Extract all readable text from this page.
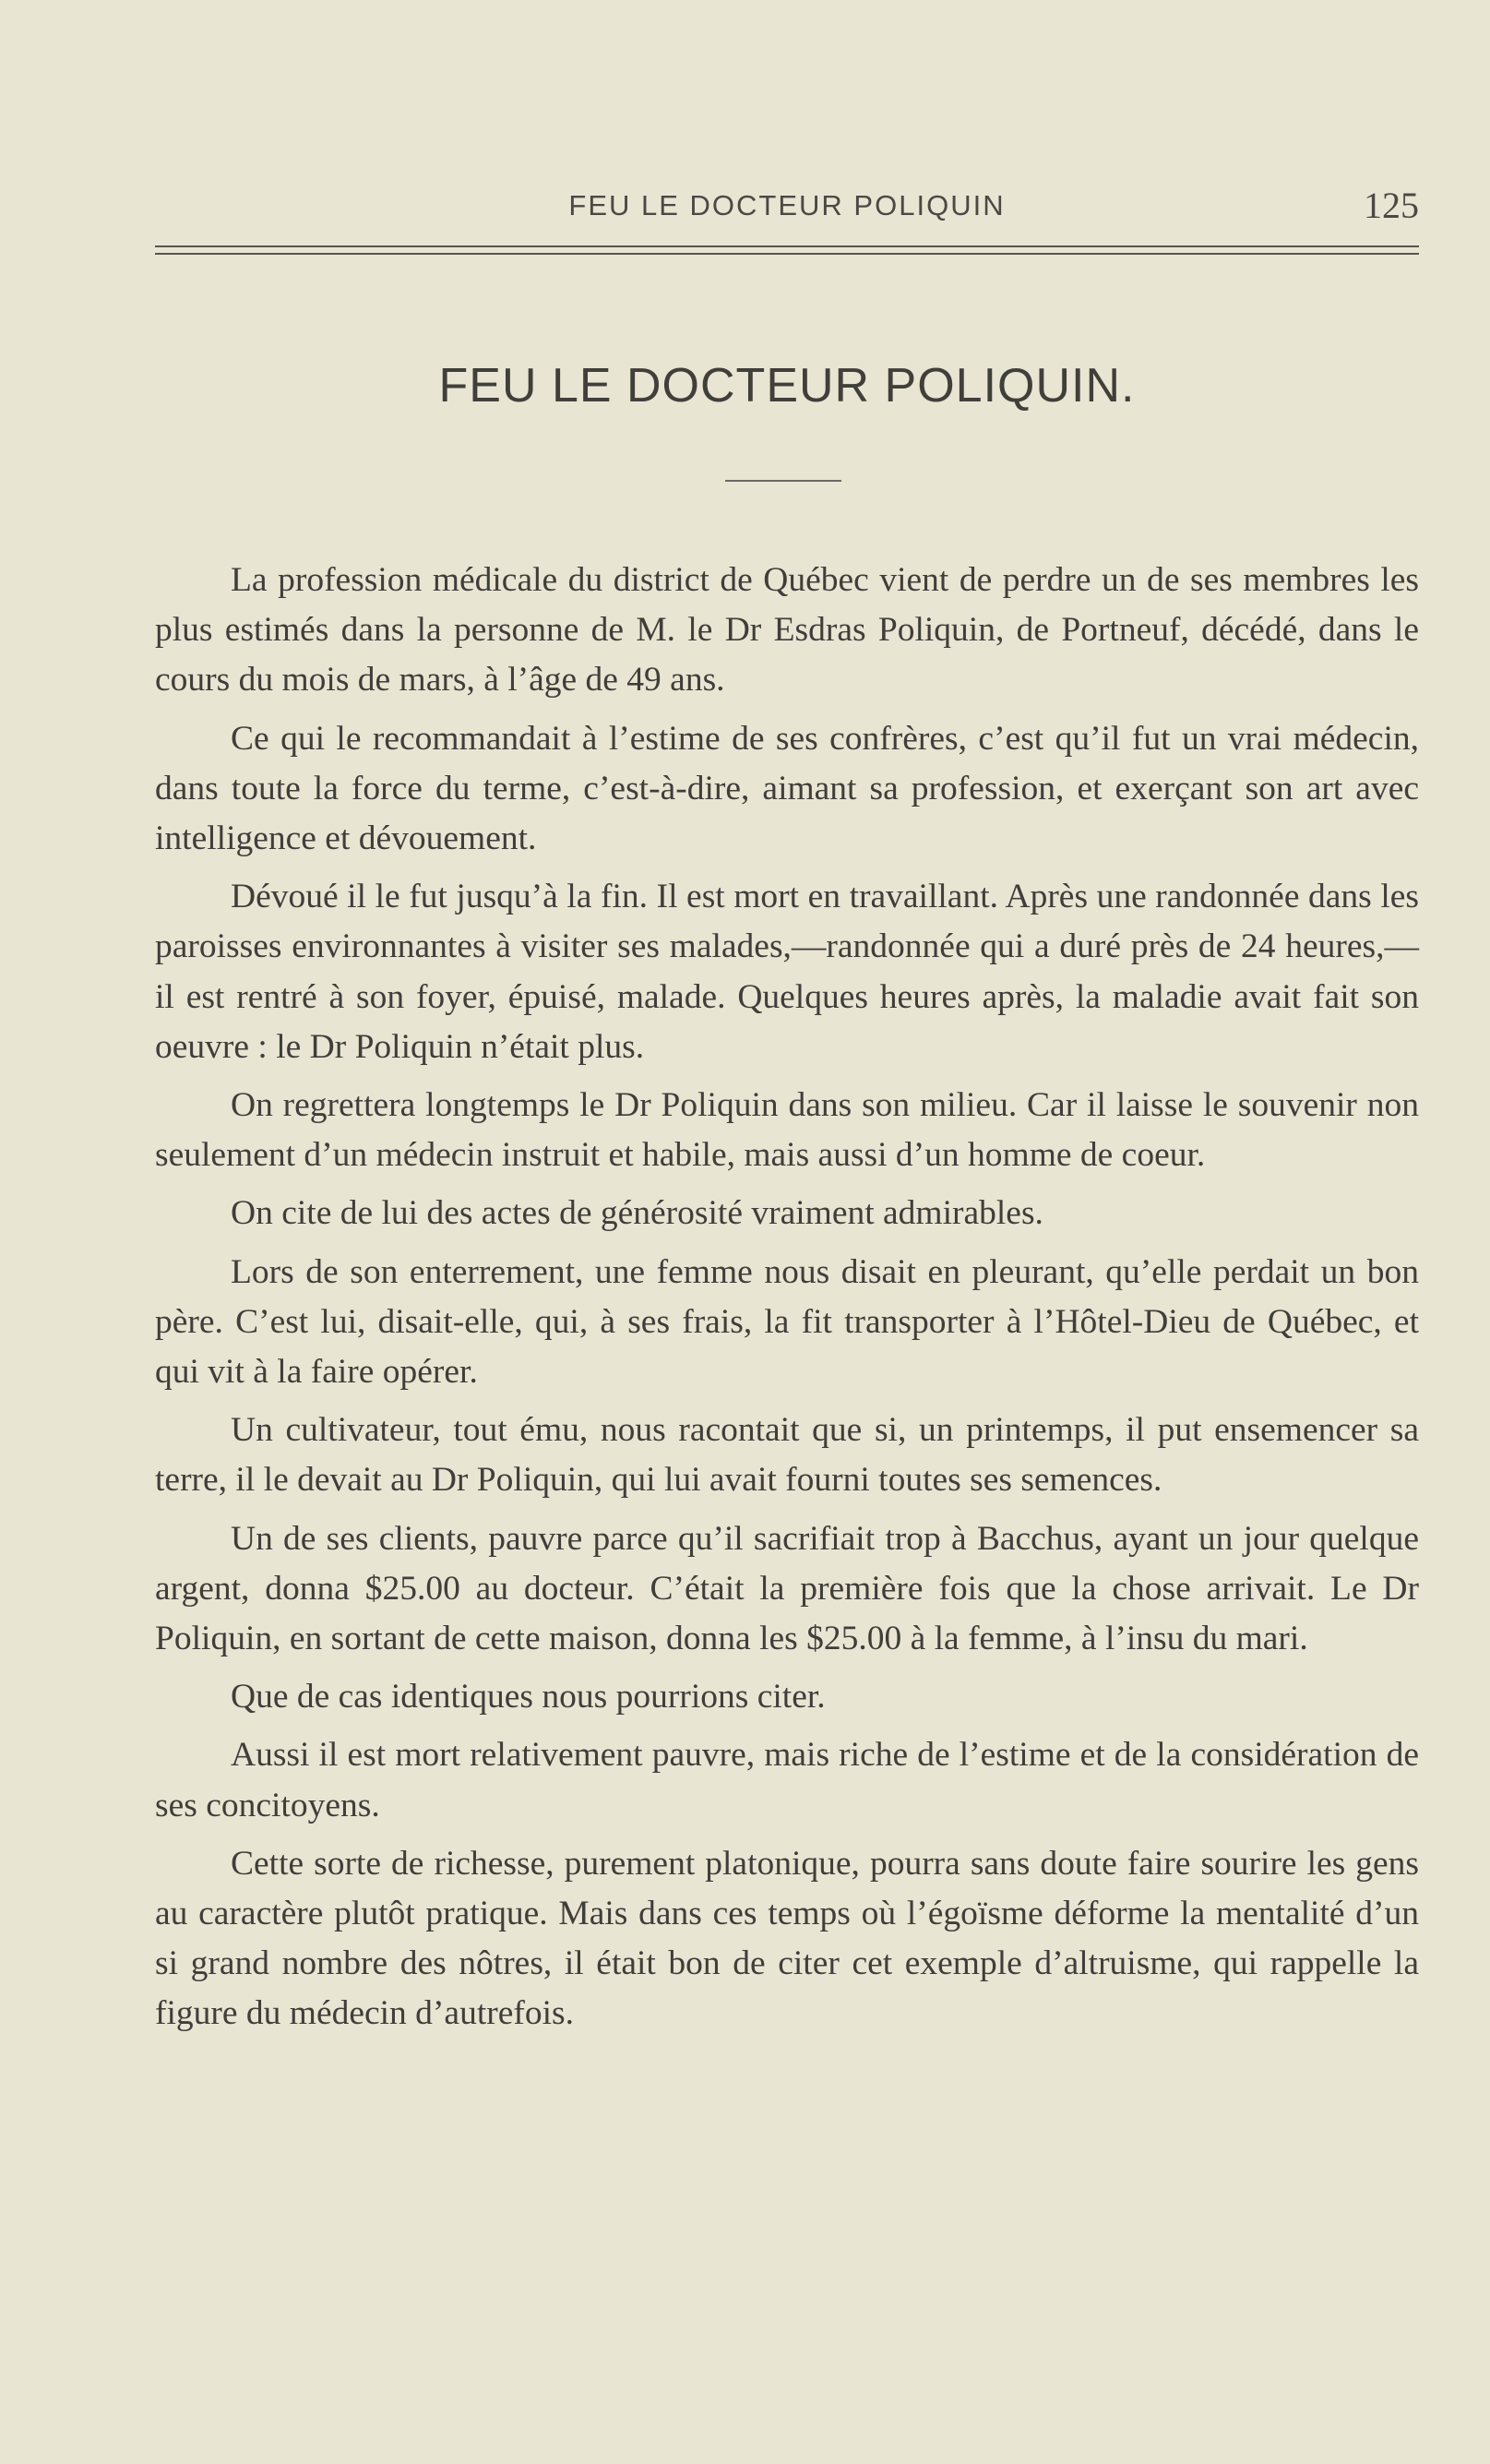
FEU LE DOCTEUR POLIQUIN	125
FEU LE DOCTEUR POLIQUIN.

La profession médicale du district de Québec vient de perdre un de ses membres les plus estimés dans la personne de M. le Dr Esdras Poliquin, de Portneuf, décédé, dans le cours du mois de mars, à l’âge de 49 ans.

Ce qui le recommandait à l’estime de ses confrères, c’est qu’il fut un vrai médecin, dans toute la force du terme, c’est-à-dire, aimant sa profession, et exerçant son art avec intelligence et dévouement.

Dévoué il le fut jusqu’à la fin. Il est mort en travaillant. Après une randonnée dans les paroisses environnantes à visiter ses malades,—randonnée qui a duré près de 24 heures,—il est rentré à son foyer, épuisé, malade. Quelques heures après, la maladie avait fait son oeuvre : le Dr Poliquin n’était plus.

On regrettera longtemps le Dr Poliquin dans son milieu. Car il laisse le souvenir non seulement d’un médecin instruit et habile, mais aussi d’un homme de coeur.

On cite de lui des actes de générosité vraiment admirables.

Lors de son enterrement, une femme nous disait en pleurant, qu’elle perdait un bon père. C’est lui, disait-elle, qui, à ses frais, la fit transporter à l’Hôtel-Dieu de Québec, et qui vit à la faire opérer.

Un cultivateur, tout ému, nous racontait que si, un printemps, il put ensemencer sa terre, il le devait au Dr Poliquin, qui lui avait fourni toutes ses semences.

Un de ses clients, pauvre parce qu’il sacrifiait trop à Bacchus, ayant un jour quelque argent, donna $25.00 au docteur. C’était la première fois que la chose arrivait. Le Dr Poliquin, en sortant de cette maison, donna les $25.00 à la femme, à l’insu du mari.

Que de cas identiques nous pourrions citer.

Aussi il est mort relativement pauvre, mais riche de l’estime et de la considération de ses concitoyens.

Cette sorte de richesse, purement platonique, pourra sans doute faire sourire les gens au caractère plutôt pratique. Mais dans ces temps où l’égoïsme déforme la mentalité d’un si grand nombre des nôtres, il était bon de citer cet exemple d’altruisme, qui rappelle la figure du médecin d’autrefois.
